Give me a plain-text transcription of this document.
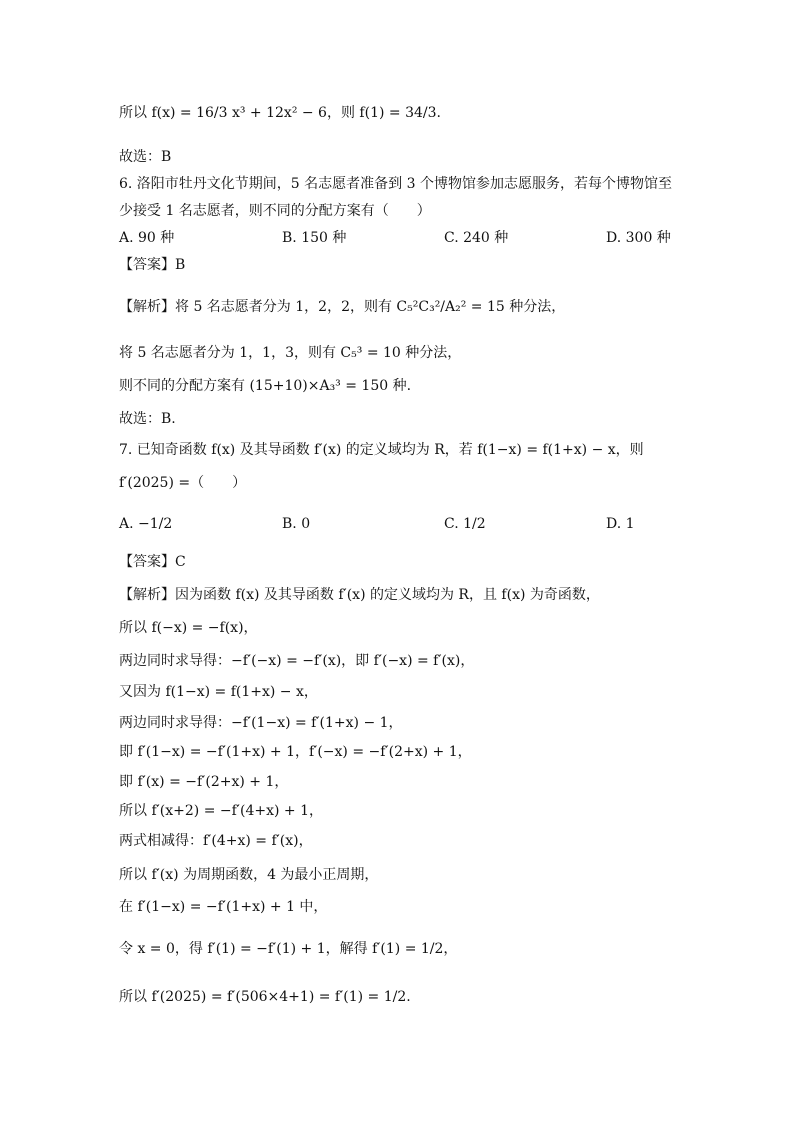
所以 f(x) = 16/3 x³ + 12x² − 6，则 f(1) = 34/3.
故选：B
6. 洛阳市牡丹文化节期间，5 名志愿者准备到 3 个博物馆参加志愿服务，若每个博物馆至
少接受 1 名志愿者，则不同的分配方案有（　　）
A. 90 种	B. 150 种	C. 240 种	D. 300 种
【答案】B
【解析】将 5 名志愿者分为 1，2，2，则有 C₅²C₃²/A₂² = 15 种分法，
将 5 名志愿者分为 1，1，3，则有 C₅³ = 10 种分法，
则不同的分配方案有 (15+10)×A₃³ = 150 种.
故选：B.
7. 已知奇函数 f(x) 及其导函数 f′(x) 的定义域均为 R，若 f(1−x) = f(1+x) − x，则
f′(2025) =（　　）
A. −1/2	B. 0	C. 1/2	D. 1
【答案】C
【解析】因为函数 f(x) 及其导函数 f′(x) 的定义域均为 R，且 f(x) 为奇函数，
所以 f(−x) = −f(x)，
两边同时求导得：−f′(−x) = −f′(x)，即 f′(−x) = f′(x)，
又因为 f(1−x) = f(1+x) − x，
两边同时求导得：−f′(1−x) = f′(1+x) − 1，
即 f′(1−x) = −f′(1+x) + 1，f′(−x) = −f′(2+x) + 1，
即 f′(x) = −f′(2+x) + 1，
所以 f′(x+2) = −f′(4+x) + 1，
两式相减得：f′(4+x) = f′(x)，
所以 f′(x) 为周期函数，4 为最小正周期，
在 f′(1−x) = −f′(1+x) + 1 中，
令 x = 0，得 f′(1) = −f′(1) + 1，解得 f′(1) = 1/2，
所以 f′(2025) = f′(506×4+1) = f′(1) = 1/2.
